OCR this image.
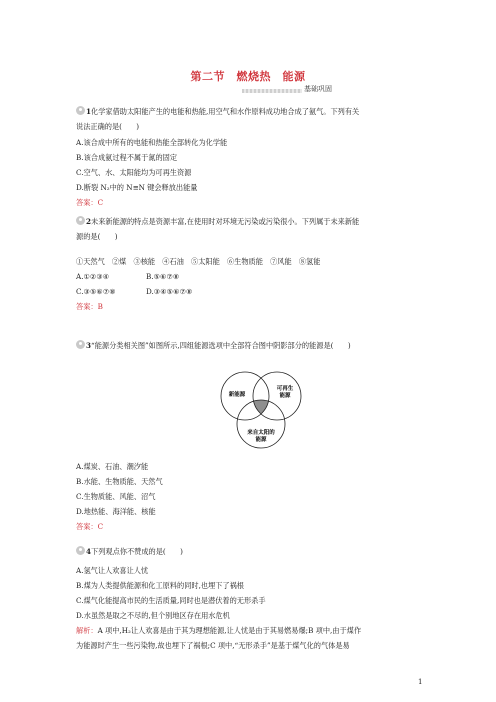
第二节　燃烧热　能源
基础巩固
1化学家借助太阳能产生的电能和热能,用空气和水作原料成功地合成了氨气。下列有关
说法正确的是(　　)
A.该合成中所有的电能和热能全部转化为化学能
B.该合成氨过程不属于氮的固定
C.空气、水、太阳能均为可再生资源
D.断裂 N₂中的 N≡N 键会释放出能量
答案：C
2未来新能源的特点是资源丰富,在使用时对环境无污染或污染很小。下列属于未来新能
源的是(　　)
①天然气　②煤　③核能　④石油　⑤太阳能　⑥生物质能　⑦风能　⑧氢能
A.①②③④	B.⑤⑥⑦⑧
C.③⑤⑥⑦⑧	D.③④⑤⑥⑦⑧
答案：B
3“能源分类相关图”如图所示,四组能源选项中全部符合图中阴影部分的能源是(　　)
新能源
可再生
能源
来自太阳的
能源
A.煤炭、石油、潮汐能
B.水能、生物质能、天然气
C.生物质能、风能、沼气
D.地热能、海洋能、核能
答案：C
4下列观点你不赞成的是(　　)
A.氢气让人欢喜让人忧
B.煤为人类提供能源和化工原料的同时,也埋下了祸根
C.煤气化能提高市民的生活质量,同时也是潜伏着的无形杀手
D.水虽然是取之不尽的,但个别地区存在用水危机
解析：A 项中,H₂让人欢喜是由于其为理想能源,让人忧是由于其易燃易爆;B 项中,由于煤作
为能源时产生一些污染物,故也埋下了祸根;C 项中,“无形杀手”是基于煤气化的气体是易
1
